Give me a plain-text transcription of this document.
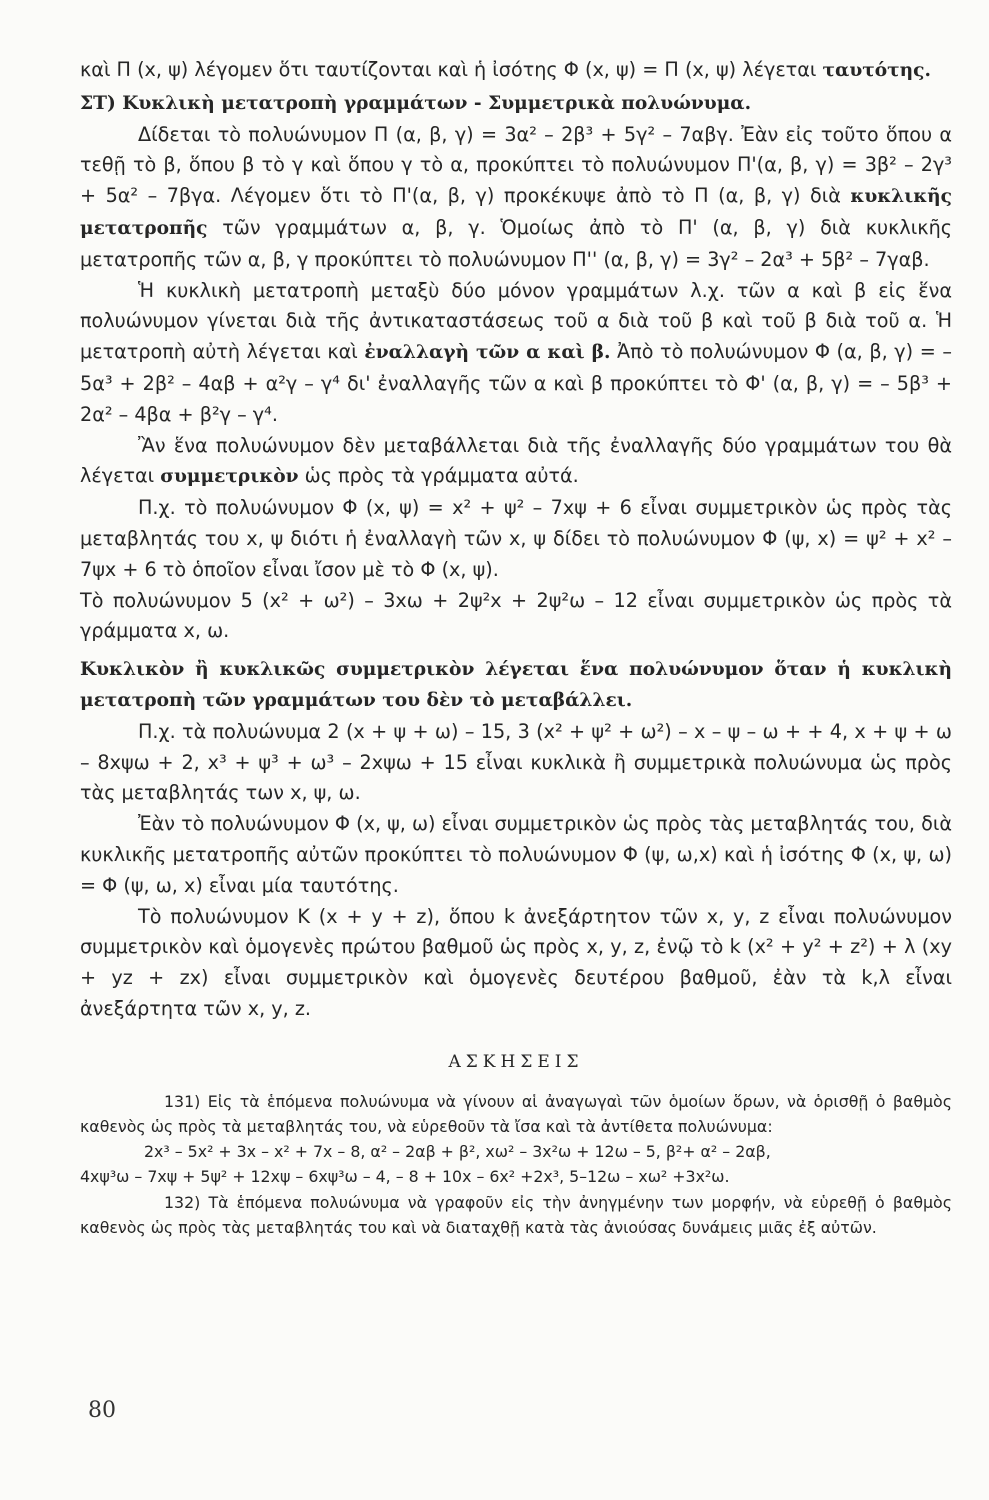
καὶ Π (x, ψ) λέγομεν ὅτι ταυτίζονται καὶ ἡ ἰσότης Φ (x, ψ) = Π (x, ψ) λέγεται ταυτότης.

ΣΤ) Κυκλικὴ μετατροπὴ γραμμάτων - Συμμετρικὰ πολυώνυμα.

Δίδεται τὸ πολυώνυμον Π (α, β, γ) = 3α² – 2β³ + 5γ² – 7αβγ. Ἐὰν εἰς τοῦτο ὅπου α τεθῇ τὸ β, ὅπου β τὸ γ καὶ ὅπου γ τὸ α, προκύπτει τὸ πολυώνυμον Π'(α, β, γ) = 3β² – 2γ³ + 5α² – 7βγα. Λέγομεν ὅτι τὸ Π'(α, β, γ) προκέκυψε ἀπὸ τὸ Π (α, β, γ) διὰ κυκλικῆς μετατροπῆς τῶν γραμμάτων α, β, γ. Ὁμοίως ἀπὸ τὸ Π' (α, β, γ) διὰ κυκλικῆς μετατροπῆς τῶν α, β, γ προκύπτει τὸ πολυώνυμον Π'' (α, β, γ) = 3γ² – 2α³ + 5β² – 7γαβ.

Ἡ κυκλικὴ μετατροπὴ μεταξὺ δύο μόνον γραμμάτων λ.χ. τῶν α καὶ β εἰς ἕνα πολυώνυμον γίνεται διὰ τῆς ἀντικαταστάσεως τοῦ α διὰ τοῦ β καὶ τοῦ β διὰ τοῦ α. Ἡ μετατροπὴ αὐτὴ λέγεται καὶ ἐναλλαγὴ τῶν α καὶ β. Ἀπὸ τὸ πολυώνυμον Φ (α, β, γ) = – 5α³ + 2β² – 4αβ + α²γ – γ⁴ δι' ἐναλλαγῆς τῶν α καὶ β προκύπτει τὸ Φ' (α, β, γ) = – 5β³ + 2α² – 4βα + β²γ – γ⁴.

Ἂν ἕνα πολυώνυμον δὲν μεταβάλλεται διὰ τῆς ἐναλλαγῆς δύο γραμμάτων του θὰ λέγεται συμμετρικὸν ὡς πρὸς τὰ γράμματα αὐτά.

Π.χ. τὸ πολυώνυμον Φ (x, ψ) = x² + ψ² – 7xψ + 6 εἶναι συμμετρικὸν ὡς πρὸς τὰς μεταβλητάς του x, ψ διότι ἡ ἐναλλαγὴ τῶν x, ψ δίδει τὸ πολυώνυμον Φ (ψ, x) = ψ² + x² – 7ψx + 6 τὸ ὁποῖον εἶναι ἴσον μὲ τὸ Φ (x, ψ).

Τὸ πολυώνυμον 5 (x² + ω²) – 3xω + 2ψ²x + 2ψ²ω – 12 εἶναι συμμετρικὸν ὡς πρὸς τὰ γράμματα x, ω.

Κυκλικὸν ἢ κυκλικῶς συμμετρικὸν λέγεται ἕνα πολυώνυμον ὅταν ἡ κυκλικὴ μετατροπὴ τῶν γραμμάτων του δὲν τὸ μεταβάλλει.

Π.χ. τὰ πολυώνυμα 2 (x + ψ + ω) – 15, 3 (x² + ψ² + ω²) – x – ψ – ω + + 4, x + ψ + ω – 8xψω + 2, x³ + ψ³ + ω³ – 2xψω + 15 εἶναι κυκλικὰ ἢ συμμετρικὰ πολυώνυμα ὡς πρὸς τὰς μεταβλητάς των x, ψ, ω.

Ἐὰν τὸ πολυώνυμον Φ (x, ψ, ω) εἶναι συμμετρικὸν ὡς πρὸς τὰς μεταβλητάς του, διὰ κυκλικῆς μετατροπῆς αὐτῶν προκύπτει τὸ πολυώνυμον Φ (ψ, ω,x) καὶ ἡ ἰσότης Φ (x, ψ, ω) = Φ (ψ, ω, x) εἶναι μία ταυτότης.

Τὸ πολυώνυμον K (x + y + z), ὅπου k ἀνεξάρτητον τῶν x, y, z εἶναι πολυώνυμον συμμετρικὸν καὶ ὁμογενὲς πρώτου βαθμοῦ ὡς πρὸς x, y, z, ἐνῷ τὸ k (x² + y² + z²) + λ (xy + yz + zx) εἶναι συμμετρικὸν καὶ ὁμογενὲς δευτέρου βαθμοῦ, ἐὰν τὰ k,λ εἶναι ἀνεξάρτητα τῶν x, y, z.

ΑΣΚΗΣΕΙΣ

131) Εἰς τὰ ἑπόμενα πολυώνυμα νὰ γίνουν αἱ ἀναγωγαὶ τῶν ὁμοίων ὅρων, νὰ ὁρισθῇ ὁ βαθμὸς καθενὸς ὡς πρὸς τὰ μεταβλητάς του, νὰ εὑρεθοῦν τὰ ἴσα καὶ τὰ ἀντίθετα πολυώνυμα:

2x³ – 5x² + 3x – x² + 7x – 8, α² – 2αβ + β², xω² – 3x²ω + 12ω – 5, β²+ α² – 2αβ,

4xψ³ω – 7xψ + 5ψ² + 12xψ – 6xψ³ω – 4, – 8 + 10x – 6x² +2x³, 5–12ω – xω² +3x²ω.

132) Τὰ ἑπόμενα πολυώνυμα νὰ γραφοῦν εἰς τὴν ἀνηγμένην των μορφήν, νὰ εὑρεθῇ ὁ βαθμὸς καθενὸς ὡς πρὸς τὰς μεταβλητάς του καὶ νὰ διαταχθῇ κατὰ τὰς ἀνιούσας δυνάμεις μιᾶς ἐξ αὐτῶν.

80
